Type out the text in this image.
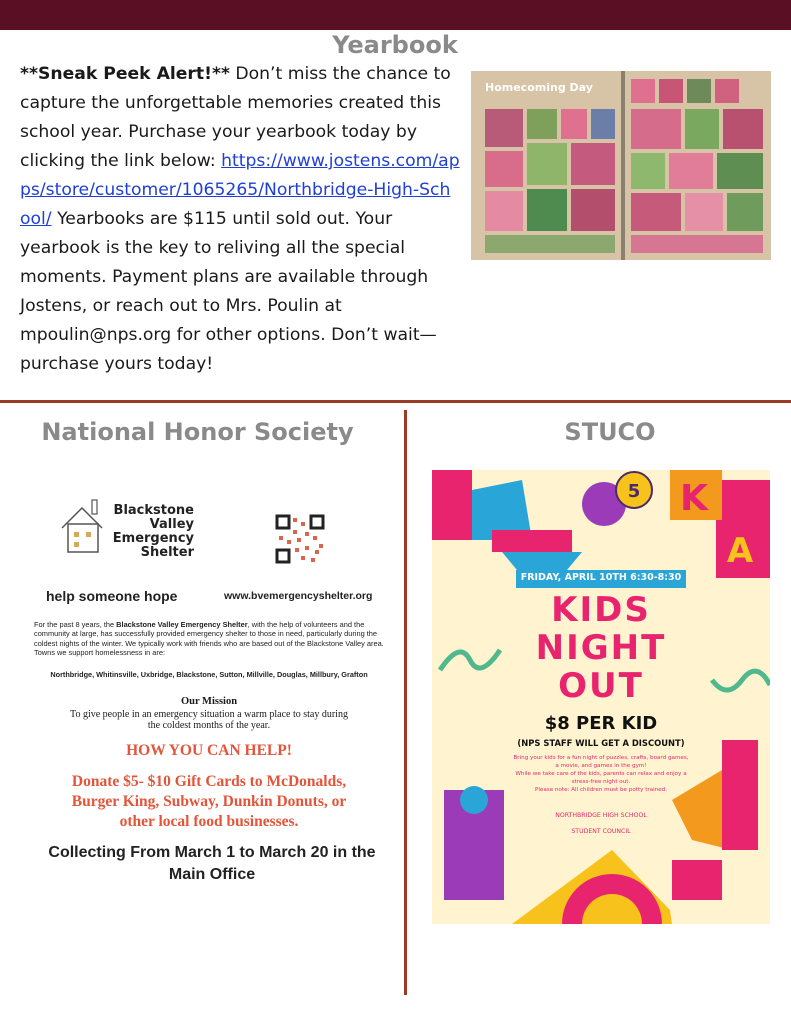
Yearbook
**Sneak Peek Alert!** Don’t miss the chance to capture the unforgettable memories created this school year. Purchase your yearbook today by clicking the link below: https://www.jostens.com/apps/store/customer/1065265/Northbridge-High-School/ Yearbooks are $115 until sold out. Your yearbook is the key to reliving all the special moments. Payment plans are available through Jostens, or reach out to Mrs. Poulin at mpoulin@nps.org for other options. Don’t wait—purchase yours today!
Homecoming Day
National Honor Society
Blackstone
Valley
Emergency
Shelter
help someone hope	www.bvemergencyshelter.org
For the past 8 years, the Blackstone Valley Emergency Shelter, with the help of volunteers and the community at large, has successfully provided emergency shelter to those in need, particularly during the coldest nights of the winter. We typically work with friends who are based out of the Blackstone Valley area. Towns we support homelessness in are:
Northbridge, Whitinsville, Uxbridge, Blackstone, Sutton, Millville, Douglas, Millbury, Grafton
Our Mission
To give people in an emergency situation a warm place to stay during the coldest months of the year.
HOW YOU CAN HELP!
Donate $5- $10 Gift Cards to McDonalds, Burger King, Subway, Dunkin Donuts, or other local food businesses.
Collecting From March 1 to March 20 in the Main Office
STUCO
5 K
A
FRIDAY, APRIL 10TH 6:30-8:30
KIDS
NIGHT
OUT
$8 PER KID
(NPS STAFF WILL GET A DISCOUNT)
Bring your kids for a fun night of puzzles, crafts, board games,
a movie, and games in the gym!
While we take care of the kids, parents can relax and enjoy a
stress-free night out.
Please note: All children must be potty trained.
NORTHBRIDGE HIGH SCHOOL
STUDENT COUNCIL
